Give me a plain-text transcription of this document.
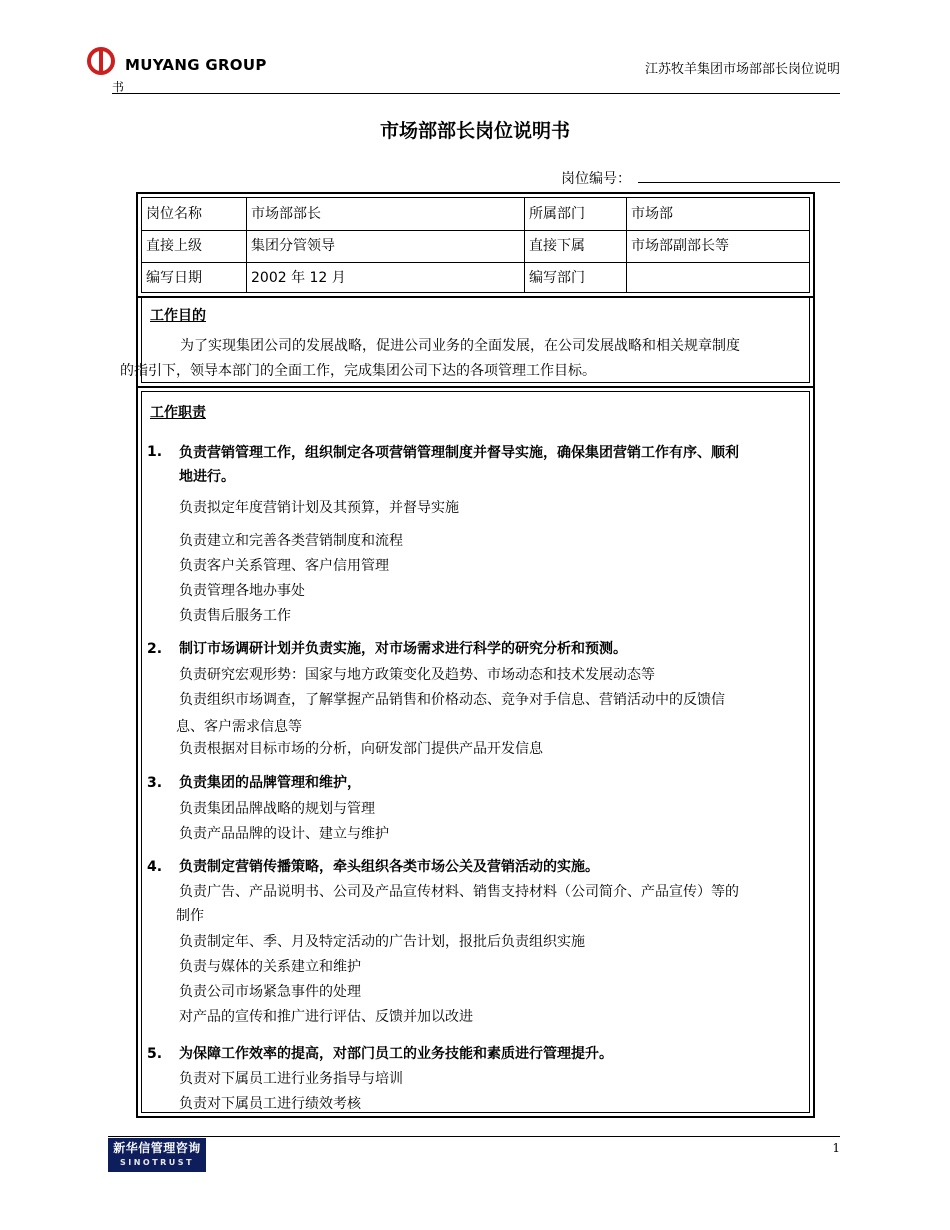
MUYANG GROUP	江苏牧羊集团市场部部长岗位说明
书
市场部部长岗位说明书
岗位编号：
岗位名称	市场部部长	所属部门	市场部
直接上级	集团分管领导	直接下属	市场部副部长等
编写日期	2002 年 12 月	编写部门
工作目的
为了实现集团公司的发展战略，促进公司业务的全面发展，在公司发展战略和相关规章制度
的指引下，领导本部门的全面工作，完成集团公司下达的各项管理工作目标。
工作职责
1. 负责营销管理工作，组织制定各项营销管理制度并督导实施，确保集团营销工作有序、顺利
地进行。
负责拟定年度营销计划及其预算，并督导实施
负责建立和完善各类营销制度和流程
负责客户关系管理、客户信用管理
负责管理各地办事处
负责售后服务工作
2. 制订市场调研计划并负责实施，对市场需求进行科学的研究分析和预测。
负责研究宏观形势：国家与地方政策变化及趋势、市场动态和技术发展动态等
负责组织市场调查，了解掌握产品销售和价格动态、竞争对手信息、营销活动中的反馈信
息、客户需求信息等
负责根据对目标市场的分析，向研发部门提供产品开发信息
3. 负责集团的品牌管理和维护，
负责集团品牌战略的规划与管理
负责产品品牌的设计、建立与维护
4. 负责制定营销传播策略，牵头组织各类市场公关及营销活动的实施。
负责广告、产品说明书、公司及产品宣传材料、销售支持材料（公司简介、产品宣传）等的
制作
负责制定年、季、月及特定活动的广告计划，报批后负责组织实施
负责与媒体的关系建立和维护
负责公司市场紧急事件的处理
对产品的宣传和推广进行评估、反馈并加以改进
5. 为保障工作效率的提高，对部门员工的业务技能和素质进行管理提升。
负责对下属员工进行业务指导与培训
负责对下属员工进行绩效考核
新华信管理咨询
SINOTRUST
1
